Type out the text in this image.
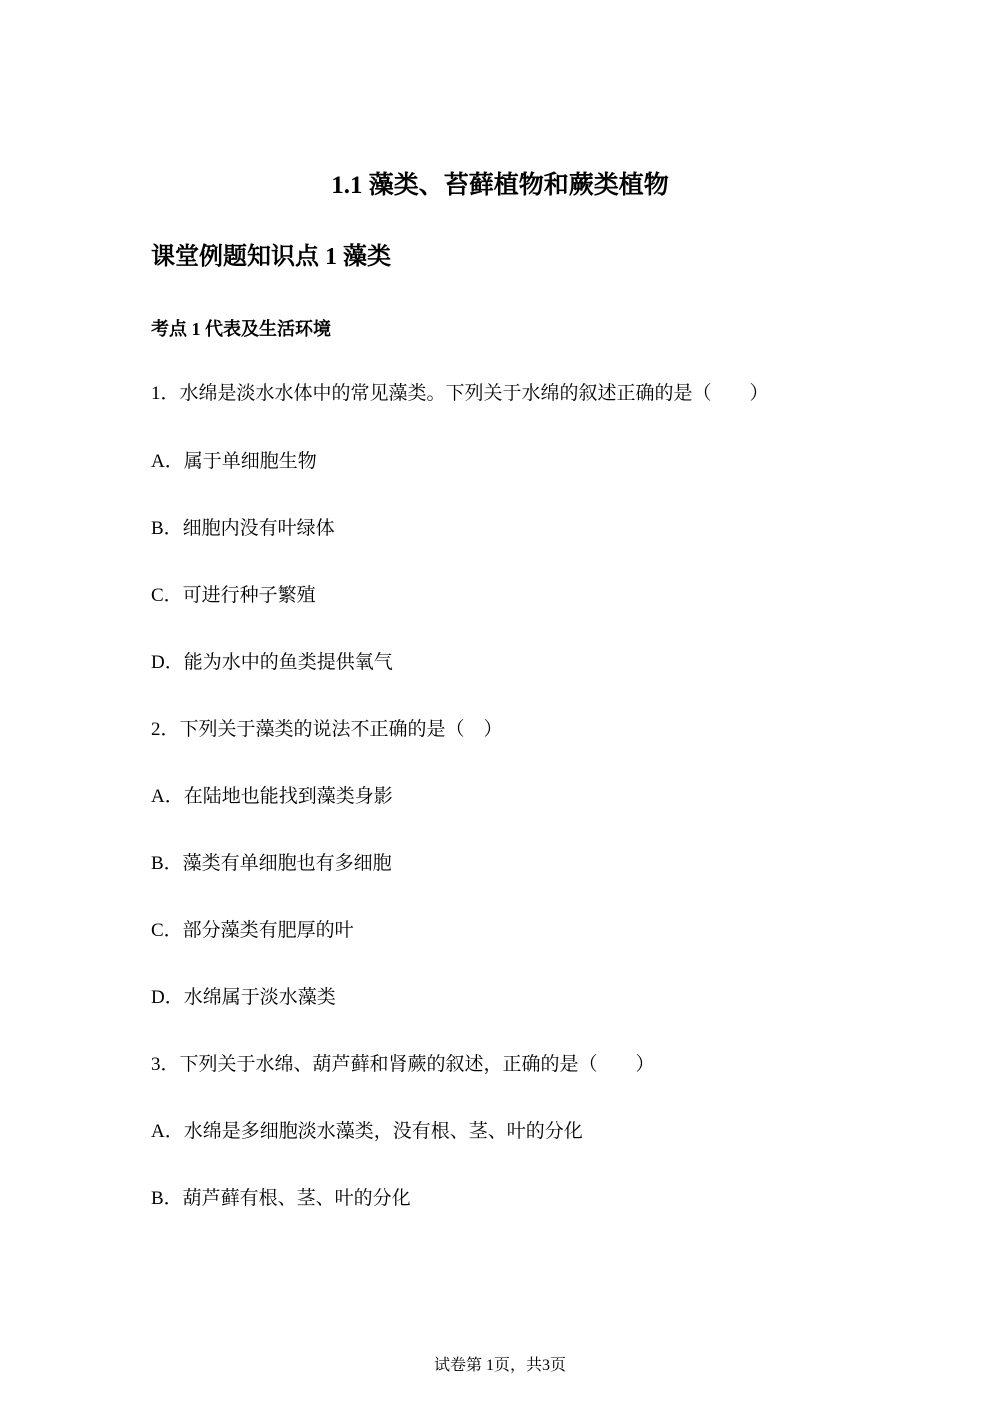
1.1 藻类、苔藓植物和蕨类植物
课堂例题知识点 1 藻类
考点 1 代表及生活环境
1．水绵是淡水水体中的常见藻类。下列关于水绵的叙述正确的是（　　）
A．属于单细胞生物
B．细胞内没有叶绿体
C．可进行种子繁殖
D．能为水中的鱼类提供氧气
2．下列关于藻类的说法不正确的是（　）
A．在陆地也能找到藻类身影
B．藻类有单细胞也有多细胞
C．部分藻类有肥厚的叶
D．水绵属于淡水藻类
3．下列关于水绵、葫芦藓和肾蕨的叙述，正确的是（　　）
A．水绵是多细胞淡水藻类，没有根、茎、叶的分化
B．葫芦藓有根、茎、叶的分化
试卷第 1页，共3页
